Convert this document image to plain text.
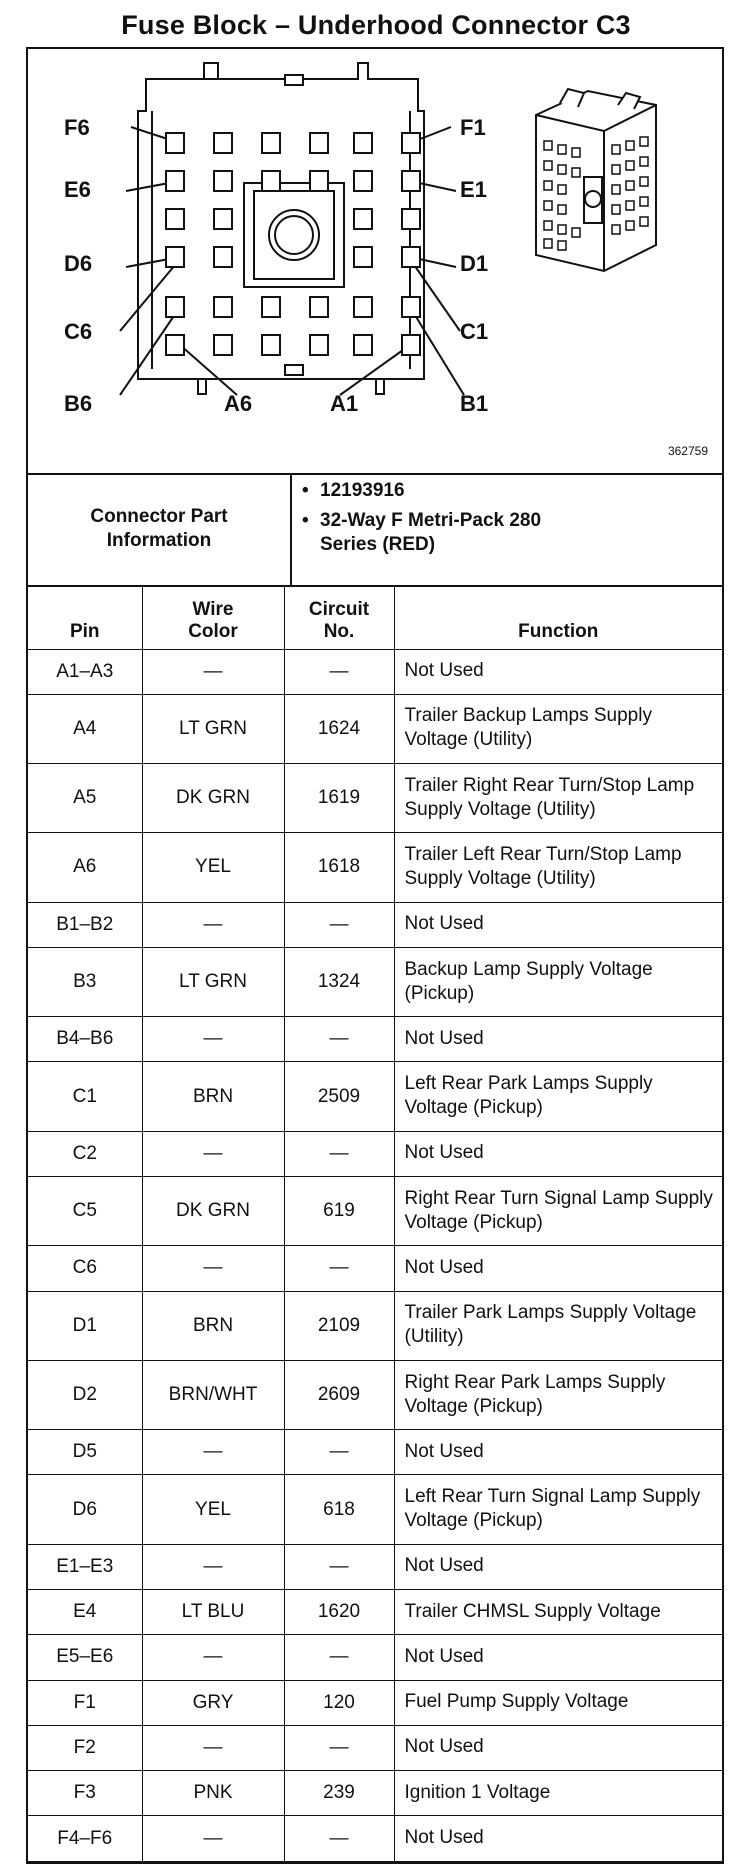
Fuse Block – Underhood Connector C3
F6	F1
E6	E1
D6	D1
C6	C1
B6	A6	A1	B1
362759
Connector Part Information
• 12193916
• 32-Way F Metri-Pack 280 Series (RED)
Pin	Wire Color	Circuit No.	Function
A1–A3	—	—	Not Used
A4	LT GRN	1624	Trailer Backup Lamps Supply Voltage (Utility)
A5	DK GRN	1619	Trailer Right Rear Turn/Stop Lamp Supply Voltage (Utility)
A6	YEL	1618	Trailer Left Rear Turn/Stop Lamp Supply Voltage (Utility)
B1–B2	—	—	Not Used
B3	LT GRN	1324	Backup Lamp Supply Voltage (Pickup)
B4–B6	—	—	Not Used
C1	BRN	2509	Left Rear Park Lamps Supply Voltage (Pickup)
C2	—	—	Not Used
C5	DK GRN	619	Right Rear Turn Signal Lamp Supply Voltage (Pickup)
C6	—	—	Not Used
D1	BRN	2109	Trailer Park Lamps Supply Voltage (Utility)
D2	BRN/WHT	2609	Right Rear Park Lamps Supply Voltage (Pickup)
D5	—	—	Not Used
D6	YEL	618	Left Rear Turn Signal Lamp Supply Voltage (Pickup)
E1–E3	—	—	Not Used
E4	LT BLU	1620	Trailer CHMSL Supply Voltage
E5–E6	—	—	Not Used
F1	GRY	120	Fuel Pump Supply Voltage
F2	—	—	Not Used
F3	PNK	239	Ignition 1 Voltage
F4–F6	—	—	Not Used
